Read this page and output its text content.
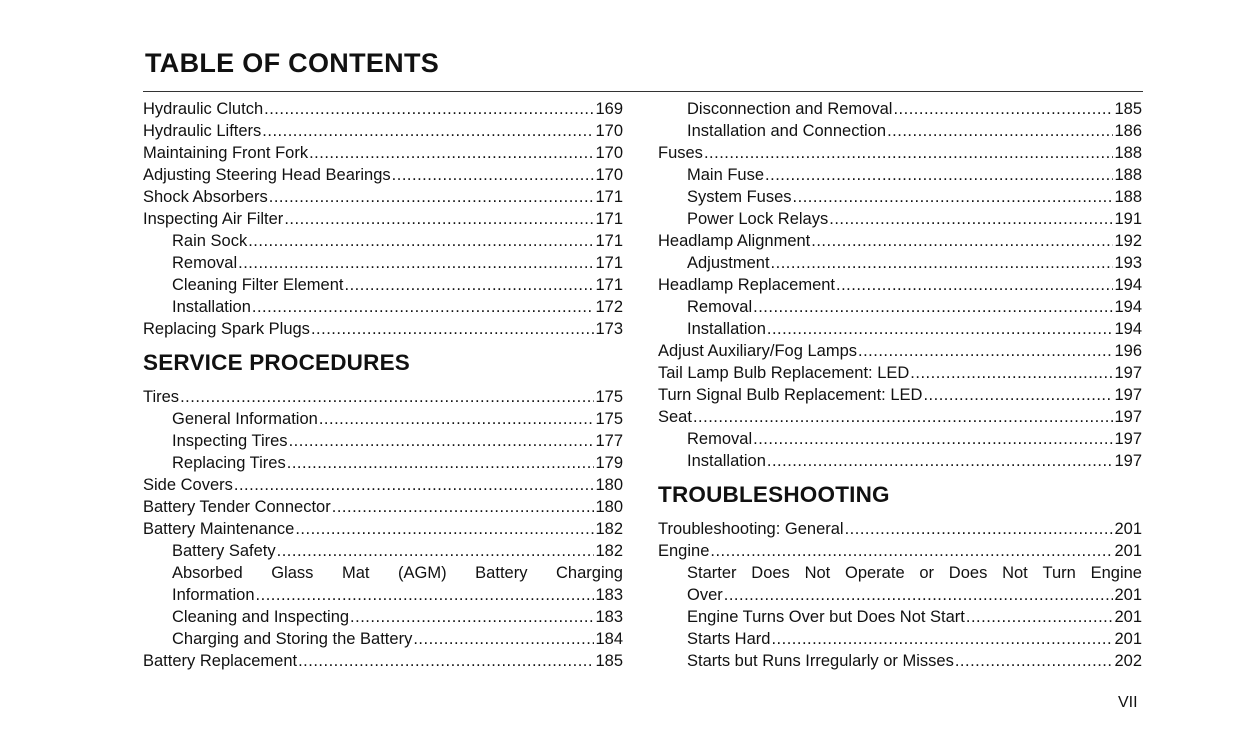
TABLE OF CONTENTS
Hydraulic Clutch .....	169
Hydraulic Lifters .....	170
Maintaining Front Fork .....	170
Adjusting Steering Head Bearings .....	170
Shock Absorbers .....	171
Inspecting Air Filter .....	171
Rain Sock .....	171
Removal .....	171
Cleaning Filter Element .....	171
Installation .....	172
Replacing Spark Plugs .....	173
SERVICE PROCEDURES
Tires .....	175
General Information .....	175
Inspecting Tires .....	177
Replacing Tires .....	179
Side Covers .....	180
Battery Tender Connector .....	180
Battery Maintenance .....	182
Battery Safety .....	182
Absorbed Glass Mat (AGM) Battery Charging
Information .....	183
Cleaning and Inspecting .....	183
Charging and Storing the Battery .....	184
Battery Replacement .....	185
Disconnection and Removal .....	185
Installation and Connection .....	186
Fuses .....	188
Main Fuse .....	188
System Fuses .....	188
Power Lock Relays .....	191
Headlamp Alignment .....	192
Adjustment .....	193
Headlamp Replacement .....	194
Removal .....	194
Installation .....	194
Adjust Auxiliary/Fog Lamps .....	196
Tail Lamp Bulb Replacement: LED .....	197
Turn Signal Bulb Replacement: LED .....	197
Seat .....	197
Removal .....	197
Installation .....	197
TROUBLESHOOTING
Troubleshooting: General .....	201
Engine .....	201
Starter Does Not Operate or Does Not Turn Engine
Over .....	201
Engine Turns Over but Does Not Start .....	201
Starts Hard .....	201
Starts but Runs Irregularly or Misses .....	202
VII
